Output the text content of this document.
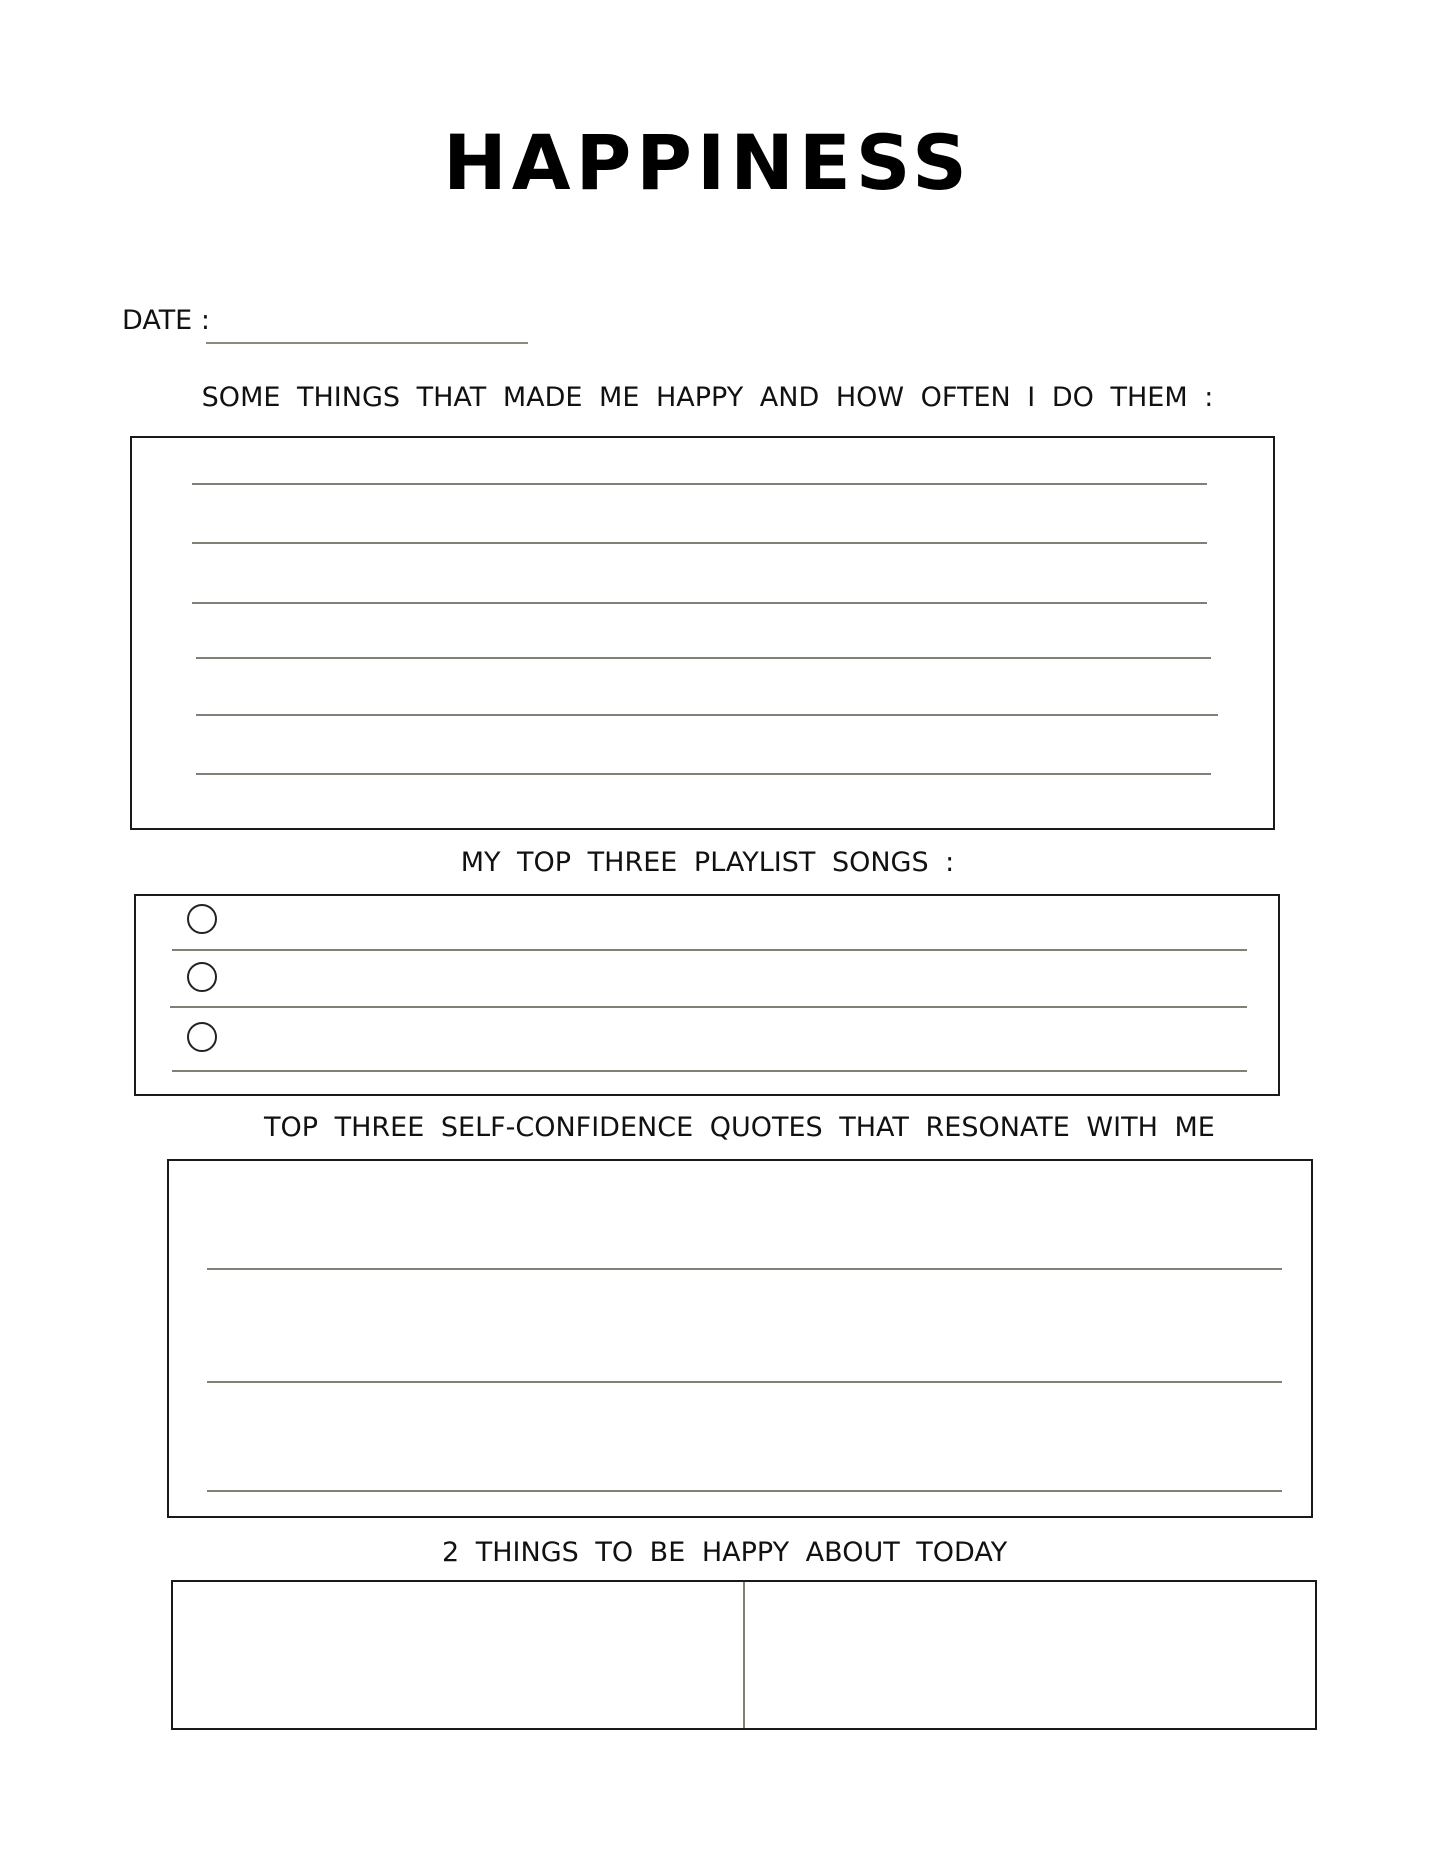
HAPPINESS
DATE :
SOME THINGS THAT MADE ME HAPPY AND HOW OFTEN I DO THEM :
MY TOP THREE PLAYLIST SONGS :
TOP THREE SELF-CONFIDENCE QUOTES THAT RESONATE WITH ME
2 THINGS TO BE HAPPY ABOUT TODAY
